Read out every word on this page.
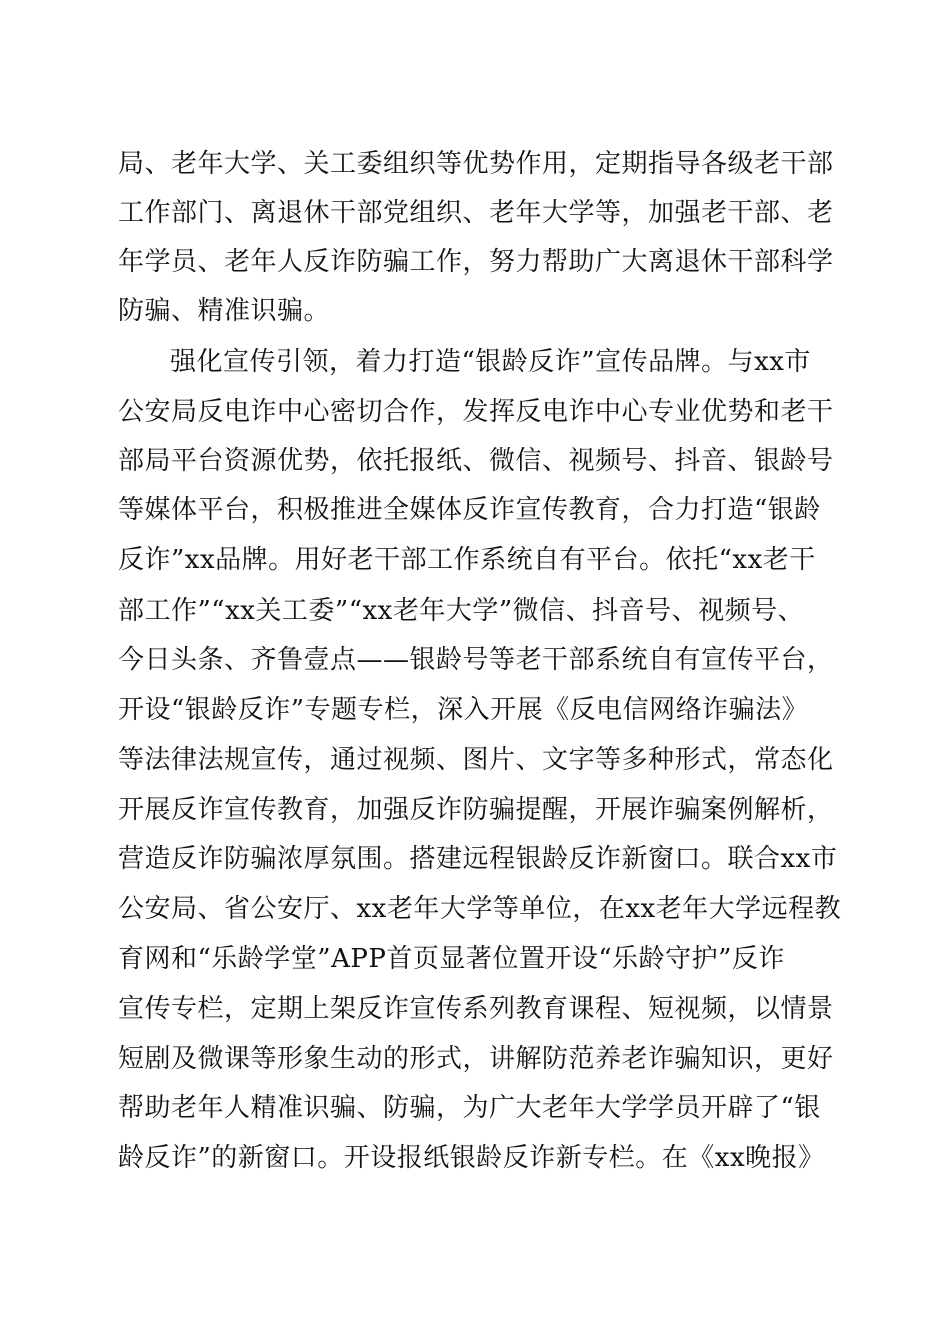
局、老年大学、关工委组织等优势作用，定期指导各级老干部
工作部门、离退休干部党组织、老年大学等，加强老干部、老
年学员、老年人反诈防骗工作，努力帮助广大离退休干部科学
防骗、精准识骗。
强化宣传引领，着力打造“银龄反诈”宣传品牌。与xx市
公安局反电诈中心密切合作，发挥反电诈中心专业优势和老干
部局平台资源优势，依托报纸、微信、视频号、抖音、银龄号
等媒体平台，积极推进全媒体反诈宣传教育，合力打造“银龄
反诈”xx品牌。用好老干部工作系统自有平台。依托“xx老干
部工作”“xx关工委”“xx老年大学”微信、抖音号、视频号、
今日头条、齐鲁壹点——银龄号等老干部系统自有宣传平台，
开设“银龄反诈”专题专栏，深入开展《反电信网络诈骗法》
等法律法规宣传，通过视频、图片、文字等多种形式，常态化
开展反诈宣传教育，加强反诈防骗提醒，开展诈骗案例解析，
营造反诈防骗浓厚氛围。搭建远程银龄反诈新窗口。联合xx市
公安局、省公安厅、xx老年大学等单位，在xx老年大学远程教
育网和“乐龄学堂”APP首页显著位置开设“乐龄守护”反诈
宣传专栏，定期上架反诈宣传系列教育课程、短视频，以情景
短剧及微课等形象生动的形式，讲解防范养老诈骗知识，更好
帮助老年人精准识骗、防骗，为广大老年大学学员开辟了“银
龄反诈”的新窗口。开设报纸银龄反诈新专栏。在《xx晚报》
